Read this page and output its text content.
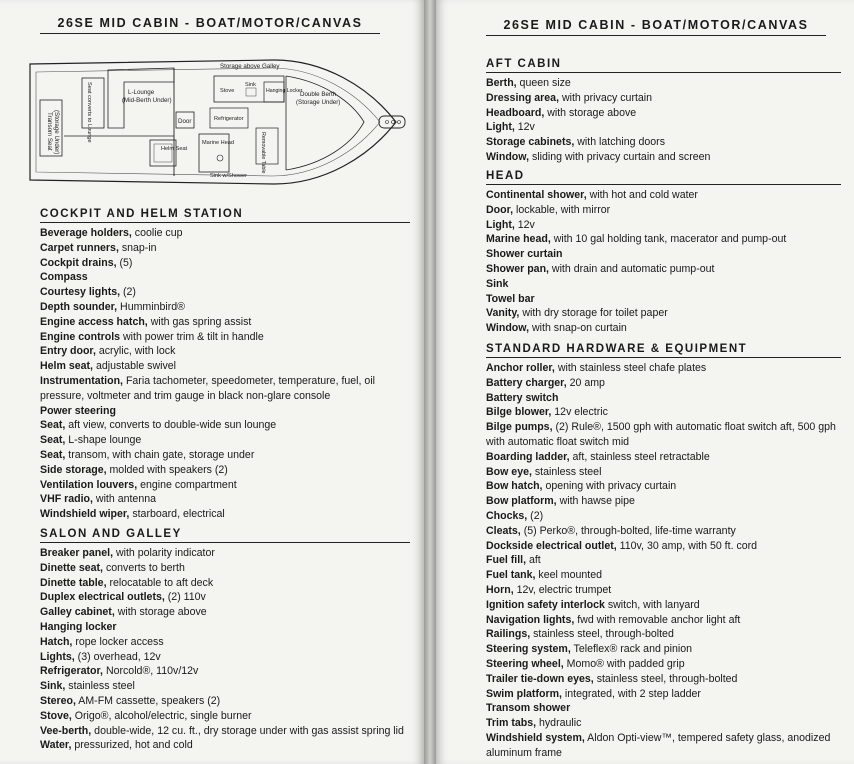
26SE MID CABIN - BOAT/MOTOR/CANVAS
Transom Seat (Storage Under)	Seat converts to Lounge	L-Lounge
(Mid-Berth Under)
Door
Helm Seat
Marine Head
Sink w/Shower
Refrigerator
Storage above Galley
Stove
Sink
Hanging Locker
Removable Table
Double Berth
(Storage Under)
COCKPIT AND HELM STATION
Beverage holders, coolie cup
Carpet runners, snap-in
Cockpit drains, (5)
Compass
Courtesy lights, (2)
Depth sounder, Humminbird®
Engine access hatch, with gas spring assist
Engine controls with power trim & tilt in handle
Entry door, acrylic, with lock
Helm seat, adjustable swivel
Instrumentation, Faria tachometer, speedometer, temperature, fuel, oil pressure, voltmeter and trim gauge in black non-glare console
Power steering
Seat, aft view, converts to double-wide sun lounge
Seat, L-shape lounge
Seat, transom, with chain gate, storage under
Side storage, molded with speakers (2)
Ventilation louvers, engine compartment
VHF radio, with antenna
Windshield wiper, starboard, electrical
SALON AND GALLEY
Breaker panel, with polarity indicator
Dinette seat, converts to berth
Dinette table, relocatable to aft deck
Duplex electrical outlets, (2) 110v
Galley cabinet, with storage above
Hanging locker
Hatch, rope locker access
Lights, (3) overhead, 12v
Refrigerator, Norcold®, 110v/12v
Sink, stainless steel
Stereo, AM-FM cassette, speakers (2)
Stove, Origo®, alcohol/electric, single burner
Vee-berth, double-wide, 12 cu. ft., dry storage under with gas assist spring lid
Water, pressurized, hot and cold
26SE MID CABIN - BOAT/MOTOR/CANVAS
AFT CABIN
Berth, queen size
Dressing area, with privacy curtain
Headboard, with storage above
Light, 12v
Storage cabinets, with latching doors
Window, sliding with privacy curtain and screen
HEAD
Continental shower, with hot and cold water
Door, lockable, with mirror
Light, 12v
Marine head, with 10 gal holding tank, macerator and pump-out
Shower curtain
Shower pan, with drain and automatic pump-out
Sink
Towel bar
Vanity, with dry storage for toilet paper
Window, with snap-on curtain
STANDARD HARDWARE & EQUIPMENT
Anchor roller, with stainless steel chafe plates
Battery charger, 20 amp
Battery switch
Bilge blower, 12v electric
Bilge pumps, (2) Rule®, 1500 gph with automatic float switch aft, 500 gph with automatic float switch mid
Boarding ladder, aft, stainless steel retractable
Bow eye, stainless steel
Bow hatch, opening with privacy curtain
Bow platform, with hawse pipe
Chocks, (2)
Cleats, (5) Perko®, through-bolted, life-time warranty
Dockside electrical outlet, 110v, 30 amp, with 50 ft. cord
Fuel fill, aft
Fuel tank, keel mounted
Horn, 12v, electric trumpet
Ignition safety interlock switch, with lanyard
Navigation lights, fwd with removable anchor light aft
Railings, stainless steel, through-bolted
Steering system, Teleflex® rack and pinion
Steering wheel, Momo® with padded grip
Trailer tie-down eyes, stainless steel, through-bolted
Swim platform, integrated, with 2 step ladder
Transom shower
Trim tabs, hydraulic
Windshield system, Aldon Opti-view™, tempered safety glass, anodized aluminum frame
